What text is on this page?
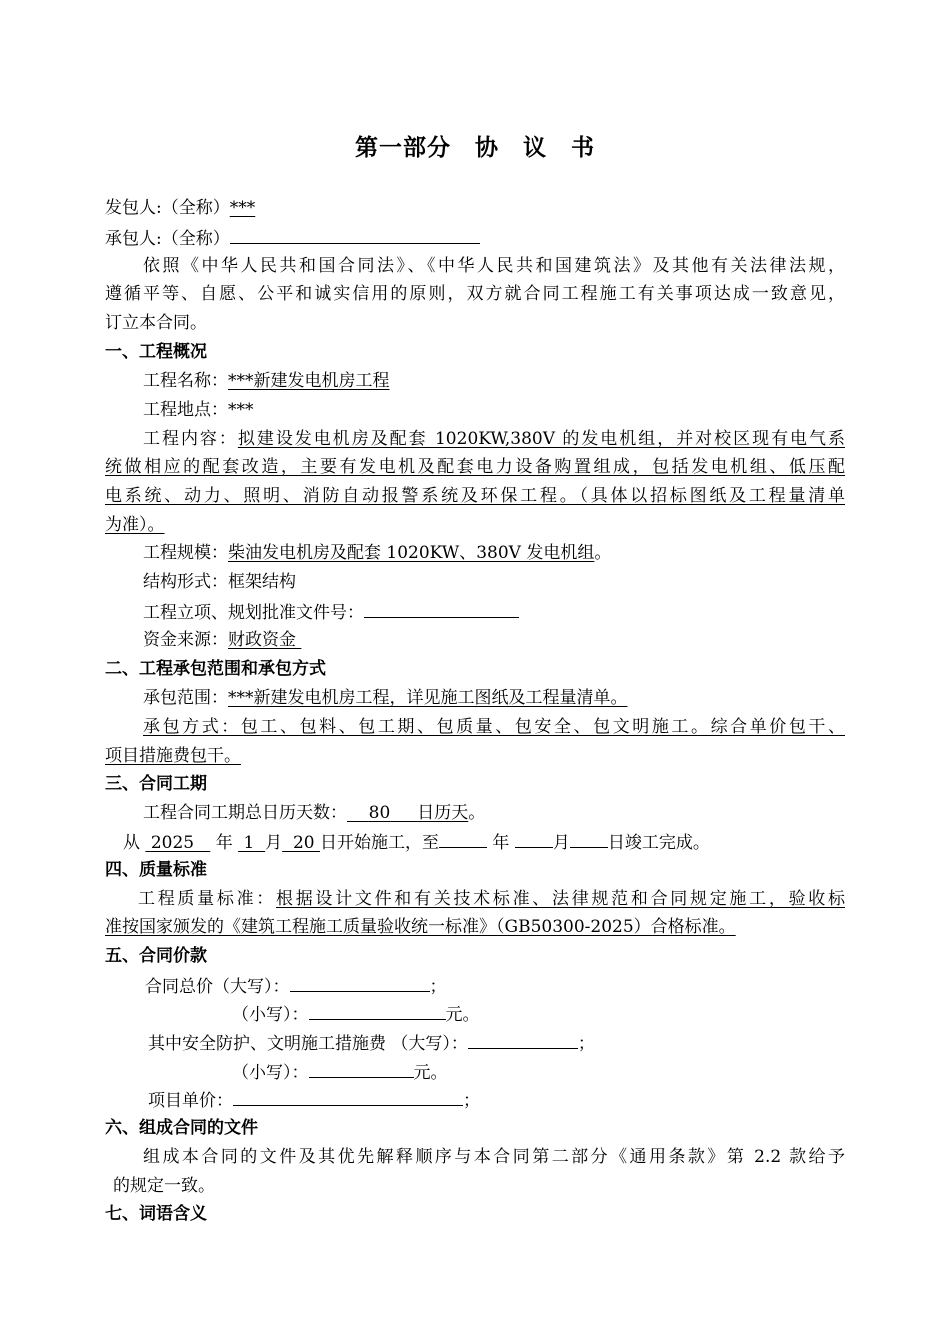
第一部分　协　议　书
发包人:（全称）***
承包人:（全称）
依照《中华人民共和国合同法》、《中华人民共和国建筑法》及其他有关法律法规，
遵循平等、自愿、公平和诚实信用的原则，双方就合同工程施工有关事项达成一致意见，
订立本合同。
一、工程概况
工程名称：***新建发电机房工程
工程地点：***
工程内容：拟建设发电机房及配套 1020KW,380V 的发电机组，并对校区现有电气系
统做相应的配套改造，主要有发电机及配套电力设备购置组成，包括发电机组、低压配
电系统、动力、照明、消防自动报警系统及环保工程。（具体以招标图纸及工程量清单
为准）。
工程规模：柴油发电机房及配套 1020KW、380V 发电机组。
结构形式：框架结构
工程立项、规划批准文件号：
资金来源：财政资金
二、工程承包范围和承包方式
承包范围：***新建发电机房工程，详见施工图纸及工程量清单。
承包方式：包工、包料、包工期、包质量、包安全、包文明施工。综合单价包干、
项目措施费包干。
三、合同工期
工程合同工期总日历天数： 80 日历天。
从 2025 年 1 月 20 日开始施工，至	年	月 日竣工完成。
四、质量标准
工程质量标准：根据设计文件和有关技术标准、法律规范和合同规定施工，验收标
准按国家颁发的《建筑工程施工质量验收统一标准》（GB50300-2025）合格标准。
五、合同价款
合同总价（大写）：	；
（小写）：	元。
其中安全防护、文明施工措施费 （大写）：	；
（小写）：	元。
项目单价：	；
六、组成合同的文件
组成本合同的文件及其优先解释顺序与本合同第二部分《通用条款》第 2.2 款给予
的规定一致。
七、词语含义
